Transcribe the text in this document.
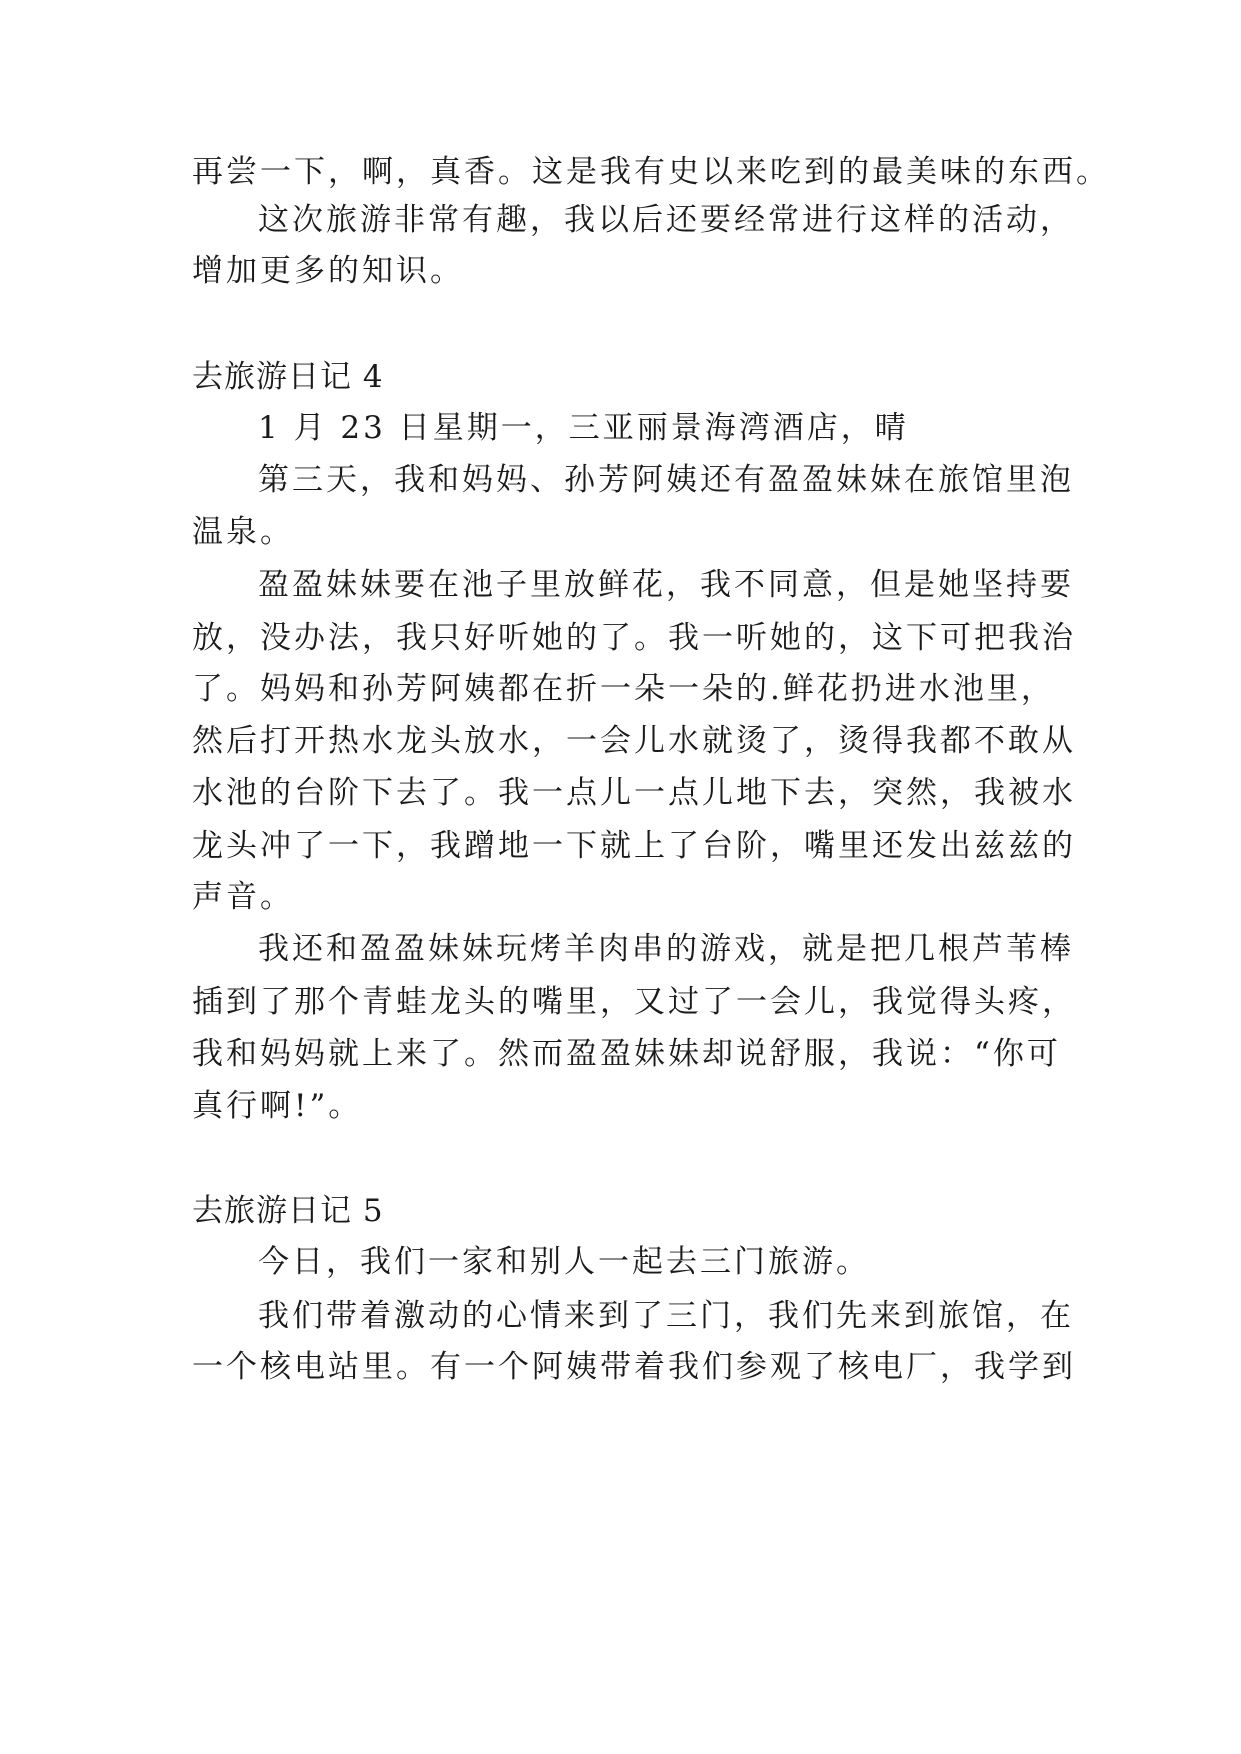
再尝一下，啊，真香。这是我有史以来吃到的最美味的东西。
这次旅游非常有趣，我以后还要经常进行这样的活动，
增加更多的知识。
去旅游日记 4
1 月 23 日星期一，三亚丽景海湾酒店，晴
第三天，我和妈妈、孙芳阿姨还有盈盈妹妹在旅馆里泡
温泉。
盈盈妹妹要在池子里放鲜花，我不同意，但是她坚持要
放，没办法，我只好听她的了。我一听她的，这下可把我治
了。妈妈和孙芳阿姨都在折一朵一朵的.鲜花扔进水池里，
然后打开热水龙头放水，一会儿水就烫了，烫得我都不敢从
水池的台阶下去了。我一点儿一点儿地下去，突然，我被水
龙头冲了一下，我蹭地一下就上了台阶，嘴里还发出兹兹的
声音。
我还和盈盈妹妹玩烤羊肉串的游戏，就是把几根芦苇棒
插到了那个青蛙龙头的嘴里，又过了一会儿，我觉得头疼，
我和妈妈就上来了。然而盈盈妹妹却说舒服，我说：“你可
真行啊!”。
去旅游日记 5
今日，我们一家和别人一起去三门旅游。
我们带着激动的心情来到了三门，我们先来到旅馆，在
一个核电站里。有一个阿姨带着我们参观了核电厂，我学到
